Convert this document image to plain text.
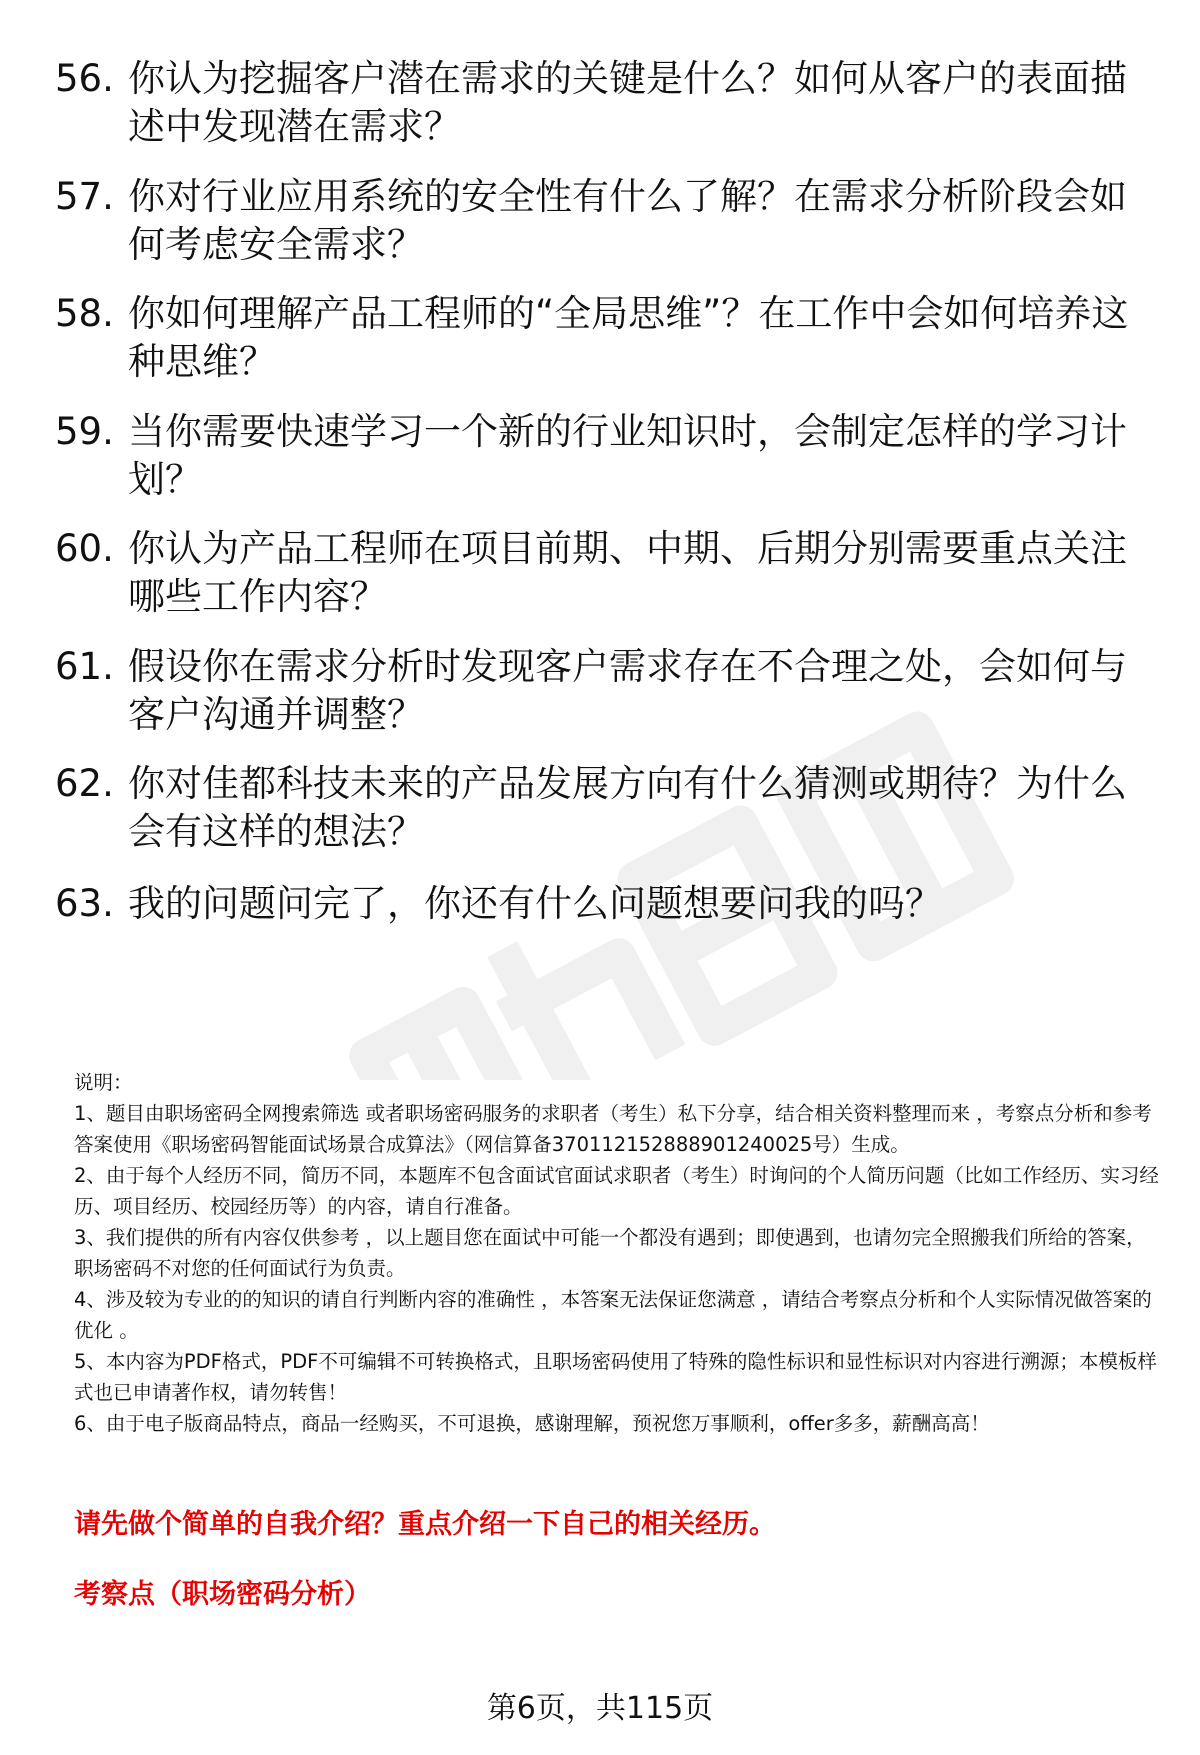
56. 你认为挖掘客户潜在需求的关键是什么？如何从客户的表面描述中发现潜在需求？
57. 你对行业应用系统的安全性有什么了解？在需求分析阶段会如何考虑安全需求？
58. 你如何理解产品工程师的“全局思维”？在工作中会如何培养这种思维？
59. 当你需要快速学习一个新的行业知识时，会制定怎样的学习计划？
60. 你认为产品工程师在项目前期、中期、后期分别需要重点关注哪些工作内容？
61. 假设你在需求分析时发现客户需求存在不合理之处，会如何与客户沟通并调整？
62. 你对佳都科技未来的产品发展方向有什么猜测或期待？为什么会有这样的想法？
63. 我的问题问完了，你还有什么问题想要问我的吗？

说明：

1、题目由职场密码全网搜索筛选 或者职场密码服务的求职者（考生）私下分享，结合相关资料整理而来 ，考察点分析和参考答案使用《职场密码智能面试场景合成算法》（网信算备370112152888901240025号）生成。

2、由于每个人经历不同，简历不同，本题库不包含面试官面试求职者（考生）时询问的个人简历问题（比如工作经历、实习经历、项目经历、校园经历等）的内容，请自行准备。

3、我们提供的所有内容仅供参考 ，以上题目您在面试中可能一个都没有遇到；即使遇到，也请勿完全照搬我们所给的答案，职场密码不对您的任何面试行为负责。

4、涉及较为专业的的知识的请自行判断内容的准确性 ，本答案无法保证您满意 ，请结合考察点分析和个人实际情况做答案的优化 。

5、本内容为PDF格式，PDF不可编辑不可转换格式，且职场密码使用了特殊的隐性标识和显性标识对内容进行溯源；本模板样式也已申请著作权，请勿转售！

6、由于电子版商品特点，商品一经购买，不可退换，感谢理解，预祝您万事顺利，offer多多，薪酬高高！

请先做个简单的自我介绍？重点介绍一下自己的相关经历。
考察点（职场密码分析）
第6页，共115页
